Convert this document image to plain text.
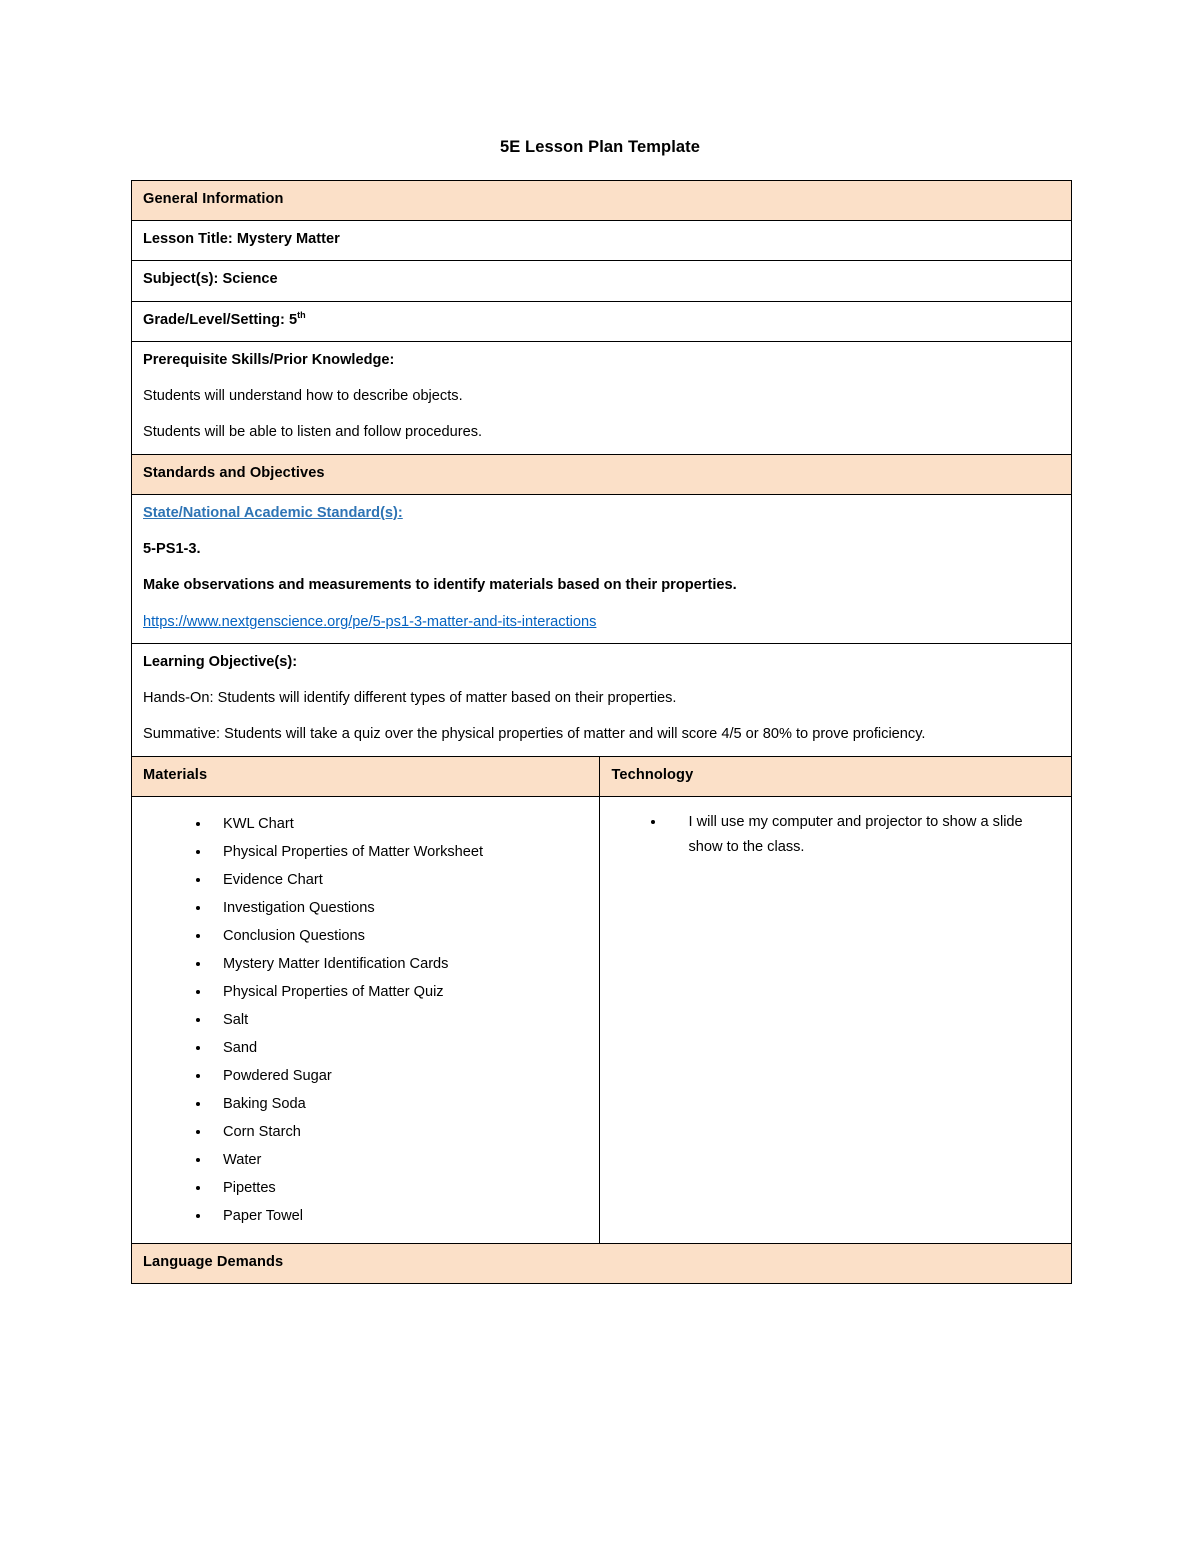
5E Lesson Plan Template
General Information	

Lesson Title: Mystery Matter	

Subject(s): Science	

Grade/Level/Setting: 5th

Prerequisite Skills/Prior Knowledge:

Students will understand how to describe objects.

Students will be able to listen and follow procedures.	

Standards and Objectives	

State/National Academic Standard(s):

5-PS1-3.

Make observations and measurements to identify materials based on their properties.

https://www.nextgenscience.org/pe/5-ps1-3-matter-and-its-interactions	

Learning Objective(s):

Hands-On: Students will identify different types of matter based on their properties.

Summative: Students will take a quiz over the physical properties of matter and will score 4/5 or 80% to prove proficiency.	

Materials	Technology

• KWL Chart
• Physical Properties of Matter Worksheet
• Evidence Chart
• Investigation Questions
• Conclusion Questions
• Mystery Matter Identification Cards
• Physical Properties of Matter Quiz
• Salt
• Sand
• Powdered Sugar
• Baking Soda
• Corn Starch
• Water
• Pipettes
• Paper Towel

• I will use my computer and projector to show a slide show to the class.

Language Demands	
